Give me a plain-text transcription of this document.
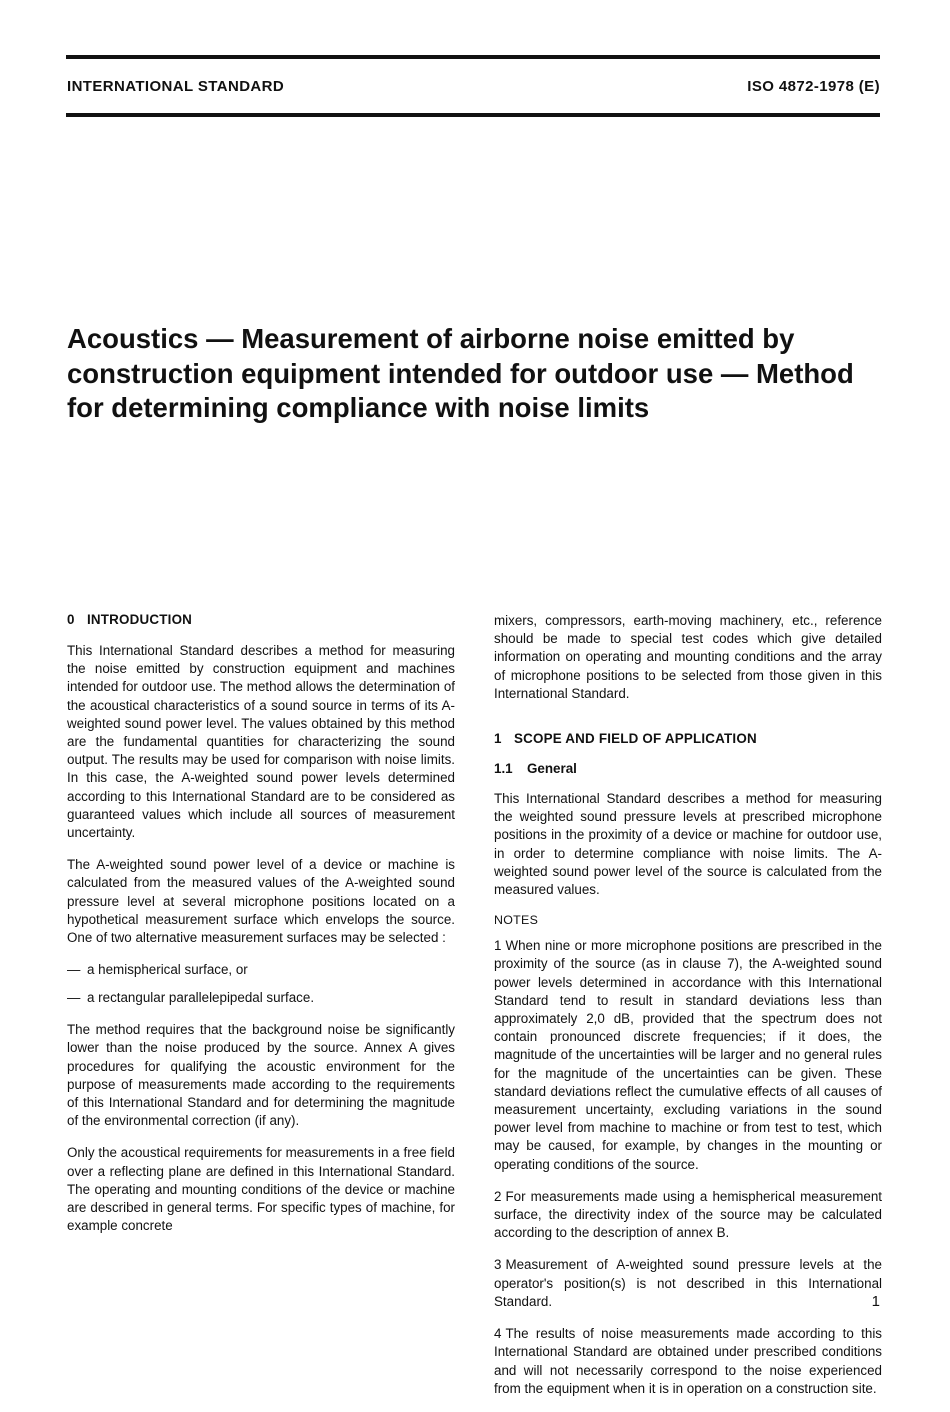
INTERNATIONAL STANDARD	ISO 4872-1978 (E)
Acoustics — Measurement of airborne noise emitted by construction equipment intended for outdoor use — Method for determining compliance with noise limits
0 INTRODUCTION

This International Standard describes a method for measuring the noise emitted by construction equipment and machines intended for outdoor use. The method allows the determination of the acoustical characteristics of a sound source in terms of its A-weighted sound power level. The values obtained by this method are the fundamental quantities for characterizing the sound output. The results may be used for comparison with noise limits. In this case, the A-weighted sound power levels determined according to this International Standard are to be considered as guaranteed values which include all sources of measurement uncertainty.

The A-weighted sound power level of a device or machine is calculated from the measured values of the A-weighted sound pressure level at several microphone positions located on a hypothetical measurement surface which envelops the source. One of two alternative measurement surfaces may be selected :

— a hemispherical surface, or
— a rectangular parallelepipedal surface.

The method requires that the background noise be significantly lower than the noise produced by the source. Annex A gives procedures for qualifying the acoustic environment for the purpose of measurements made according to the requirements of this International Standard and for determining the magnitude of the environmental correction (if any).

Only the acoustical requirements for measurements in a free field over a reflecting plane are defined in this International Standard. The operating and mounting conditions of the device or machine are described in general terms. For specific types of machine, for example concrete

mixers, compressors, earth-moving machinery, etc., reference should be made to special test codes which give detailed information on operating and mounting conditions and the array of microphone positions to be selected from those given in this International Standard.

1 SCOPE AND FIELD OF APPLICATION
1.1 General

This International Standard describes a method for measuring the weighted sound pressure levels at prescribed microphone positions in the proximity of a device or machine for outdoor use, in order to determine compliance with noise limits. The A-weighted sound power level of the source is calculated from the measured values.

NOTES

1 When nine or more microphone positions are prescribed in the proximity of the source (as in clause 7), the A-weighted sound power levels determined in accordance with this International Standard tend to result in standard deviations less than approximately 2,0 dB, provided that the spectrum does not contain pronounced discrete frequencies; if it does, the magnitude of the uncertainties will be larger and no general rules for the magnitude of the uncertainties can be given. These standard deviations reflect the cumulative effects of all causes of measurement uncertainty, excluding variations in the sound power level from machine to machine or from test to test, which may be caused, for example, by changes in the mounting or operating conditions of the source.

2 For measurements made using a hemispherical measurement surface, the directivity index of the source may be calculated according to the description of annex B.

3 Measurement of A-weighted sound pressure levels at the operator's position(s) is not described in this International Standard.

4 The results of noise measurements made according to this International Standard are obtained under prescribed conditions and will not necessarily correspond to the noise experienced from the equipment when it is in operation on a construction site.

1
